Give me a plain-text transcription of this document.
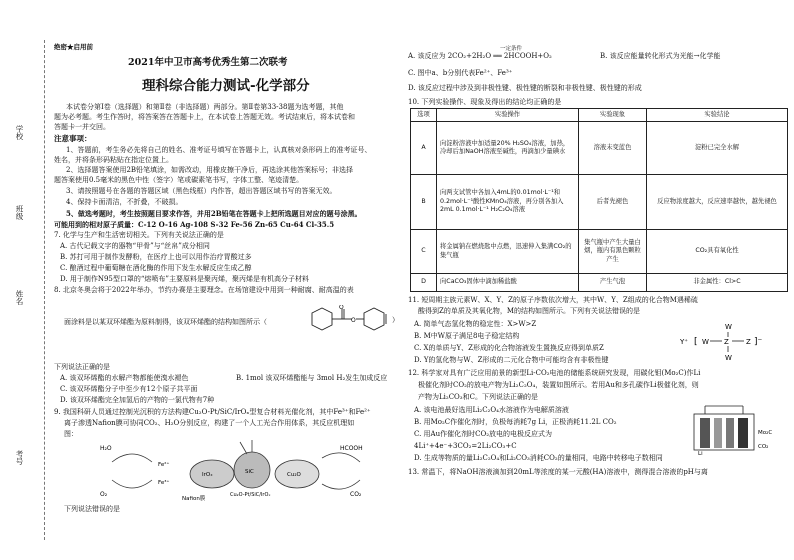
学校
班级
姓名
考号
绝密★启用前
2021年中卫市高考优秀生第二次联考
理科综合能力测试-化学部分
本试卷分第Ⅰ卷（选择题）和第Ⅱ卷（非选择题）两部分。第Ⅱ卷第33-38题为选考题，其他
题为必考题。考生作答时，将答案答在答题卡上，在本试卷上答题无效。考试结束后，将本试卷和
答题卡一并交回。
注意事项：
1、答题前，考生务必先将自己的姓名、准考证号填写在答题卡上，认真核对条形码上的准考证号、
姓名，并将条形码粘贴在指定位置上。
2、选择题答案使用2B铅笔填涂，如需改动，用橡皮擦干净后，再选涂其他答案标号；非选择
题答案使用0.5毫米的黑色中性（签字）笔或碳素笔书写，字体工整、笔迹清楚。
3、请按照题号在各题的答题区域（黑色线框）内作答，超出答题区域书写的答案无效。
4、保持卡面清洁，不折叠，不破损。
5、做选考题时，考生按照题目要求作答，并用2B铅笔在答题卡上把所选题目对应的题号涂黑。
可能用到的相对原子质量：C-12 O-16 Ag-108 S-32 Fe-56 Zn-65 Cu-64 Cl-35.5
7. 化学与生产和生活密切相关。下列有关说法正确的是
A. 古代记载文字的器物“甲骨”与“丝帛”成分相同
B. 苏打可用于制作发酵粉，在医疗上也可以用作治疗胃酸过多
C. 酿酒过程中葡萄糖在酒化酶的作用下发生水解反应生成乙醇
D. 用于制作N95型口罩的“熔喷布”主要原料是聚丙烯，聚丙烯是有机高分子材料
8. 北京冬奥会将于2022年举办，节约办赛是主要理念。在场馆建设中用到一种耐腐、耐高温的表
面涂料是以某双环烯酯为原料制得，该双环烯酯的结构如图所示（
O
O	）
下列说法正确的是
A. 该双环烯酯的水解产物都能使溴水褪色	B. 1mol 该双环烯酯能与 3mol H₂发生加成反应
C. 该双环烯酯分子中至少有12个原子共平面
D. 该双环烯酯完全加氢后的产物的一氯代物有7种
9. 我国科研人员通过控制光沉积的方法构建Cu₂O-Pt/SiC/IrOₓ型复合材料光催化剂，其中Fe³⁺和Fe²⁺
离子渗透Nafion膜可协同CO₂、H₂O分别反应，构建了一个人工光合作用体系，其反应机理如
图：
H₂O
O₂
IrOₓ	SiC
Cu₂O-Pt/SiC/IrOₓ
HCOOH
CO₂
Cu₂O
Fe²⁺
Fe³⁺
Nafion膜
下列说法错误的是
A. 该反应为 2CO₂+2H₂O ══ 2HCOOH+O₂
一定条件
B. 该反应能量转化形式为光能→化学能
C. 图中a、b分别代表Fe²⁺、Fe³⁺
D. 该反应过程中涉及到非极性键、极性键的断裂和非极性键、极性键的形成
10. 下列实验操作、现象及得出的结论均正确的是
选项	实验操作	实验现象	实验结论
A	向淀粉溶液中加适量20% H₂SO₄溶液，加热，冷却后加NaOH溶液至碱性，再滴加少量碘水	溶液未变蓝色	淀粉已完全水解
B	向两支试管中各加入4mL的0.01mol·L⁻¹和0.2mol·L⁻¹酸性KMnO₄溶液，再分别各加入2mL 0.1mol·L⁻¹ H₂C₂O₄溶液	后者先褪色	反应物浓度越大，反应速率越快，越先褪色
C	将金属钠在燃烧匙中点燃，迅速伸入集满CO₂的集气瓶	集气瓶中产生大量白烟，瓶内有黑色颗粒产生	CO₂具有氧化性
D	向CaCO₃固体中滴加稀盐酸	产生气泡	非金属性：Cl>C
11. 短周期主族元素W、X、Y、Z的原子序数依次增大，其中W、Y、Z组成的化合物M遇稀硫
酸得到Z的单质及其氧化物，M的结构如图所示。下列有关说法错误的是
A. 简单气态氢化物的稳定性：X>W>Z
B. M中W原子满足8电子稳定结构
C. X的单质与Y、Z形成的化合物溶液发生置换反应得到单质Z
D. Y的氢化物与W、Z形成的二元化合物中可能均含有非极性键
Y⁺ [ W Z
W
W
Z ]⁻
12. 科学家对具有广泛应用前景的新型Li-CO₂电池的储能系统研究发现，用碳化钼(Mo₂C)作Li
极催化剂时CO₂的放电产物为Li₂C₂O₄，装置如图所示。若用Au和多孔碳作Li极催化剂，则
产物为Li₂CO₃和C。下列说法正确的是
A. 该电池最好选用Li₂C₂O₄水溶液作为电解质溶液
B. 用Mo₂C作催化剂时，负极每消耗7g Li，正极消耗11.2L CO₂
C. 用Au作催化剂时CO₂放电的电极反应式为
4Li⁺+4e⁻+3CO₂=2Li₂CO₃+C
D. 生成等物质的量Li₂C₂O₄和Li₂CO₃消耗CO₂的量相同，电路中转移电子数相同	Li
Mo₂C
CO₂
13. 常温下，将NaOH溶液滴加到20mL等浓度的某一元酸(HA)溶液中，测得混合溶液的pH与离
